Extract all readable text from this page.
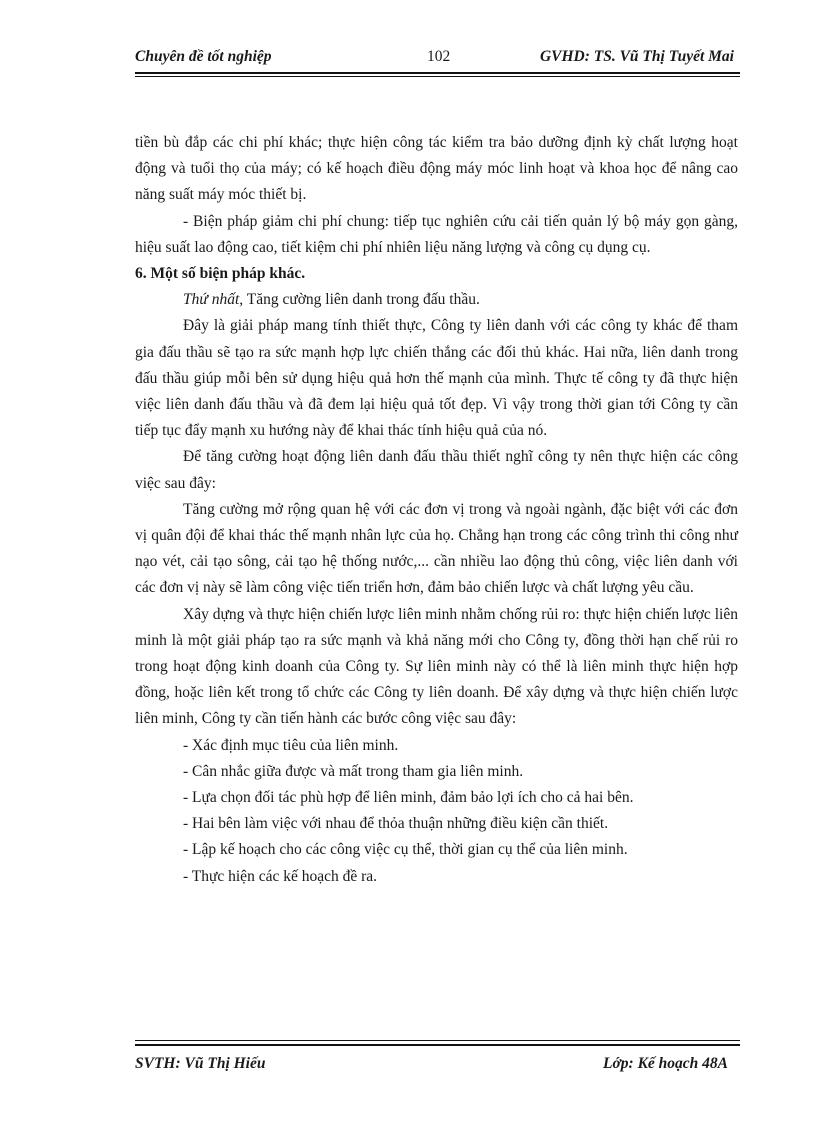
Chuyên đề tốt nghiệp	102	GVHD: TS. Vũ Thị Tuyết Mai

tiền bù đắp các chi phí khác; thực hiện công tác kiểm tra bảo dưỡng định kỳ chất lượng hoạt động và tuổi thọ của máy; có kế hoạch điều động máy móc linh hoạt và khoa học để nâng cao năng suất máy móc thiết bị.

- Biện pháp giảm chi phí chung: tiếp tục nghiên cứu cải tiến quản lý bộ máy gọn gàng, hiệu suất lao động cao, tiết kiệm chi phí nhiên liệu năng lượng và công cụ dụng cụ.

6. Một số biện pháp khác.

Thứ nhất, Tăng cường liên danh trong đấu thầu.

Đây là giải pháp mang tính thiết thực, Công ty liên danh với các công ty khác để tham gia đấu thầu sẽ tạo ra sức mạnh hợp lực chiến thắng các đối thủ khác. Hai nữa, liên danh trong đấu thầu giúp mỗi bên sử dụng hiệu quả hơn thế mạnh của mình. Thực tế công ty đã thực hiện việc liên danh đấu thầu và đã đem lại hiệu quả tốt đẹp. Vì vậy trong thời gian tới Công ty cần tiếp tục đẩy mạnh xu hướng này để khai thác tính hiệu quả của nó.

Để tăng cường hoạt động liên danh đấu thầu thiết nghĩ công ty nên thực hiện các công việc sau đây:

Tăng cường mở rộng quan hệ với các đơn vị trong và ngoài ngành, đặc biệt với các đơn vị quân đội để khai thác thế mạnh nhân lực của họ. Chẳng hạn trong các công trình thi công như nạo vét, cải tạo sông, cải tạo hệ thống nước,... cần nhiều lao động thủ công, việc liên danh với các đơn vị này sẽ làm công việc tiến triển hơn, đảm bảo chiến lược và chất lượng yêu cầu.

Xây dựng và thực hiện chiến lược liên minh nhằm chống rủi ro: thực hiện chiến lược liên minh là một giải pháp tạo ra sức mạnh và khả năng mới cho Công ty, đồng thời hạn chế rủi ro trong hoạt động kinh doanh của Công ty. Sự liên minh này có thể là liên minh thực hiện hợp đồng, hoặc liên kết trong tổ chức các Công ty liên doanh. Để xây dựng và thực hiện chiến lược liên minh, Công ty cần tiến hành các bước công việc sau đây:

- Xác định mục tiêu của liên minh.

- Cân nhắc giữa được và mất trong tham gia liên minh.

- Lựa chọn đối tác phù hợp để liên minh, đảm bảo lợi ích cho cả hai bên.

- Hai bên làm việc với nhau để thỏa thuận những điều kiện cần thiết.

- Lập kế hoạch cho các công việc cụ thể, thời gian cụ thể của liên minh.

- Thực hiện các kế hoạch đề ra.

SVTH: Vũ Thị Hiếu	Lớp: Kế hoạch 48A
